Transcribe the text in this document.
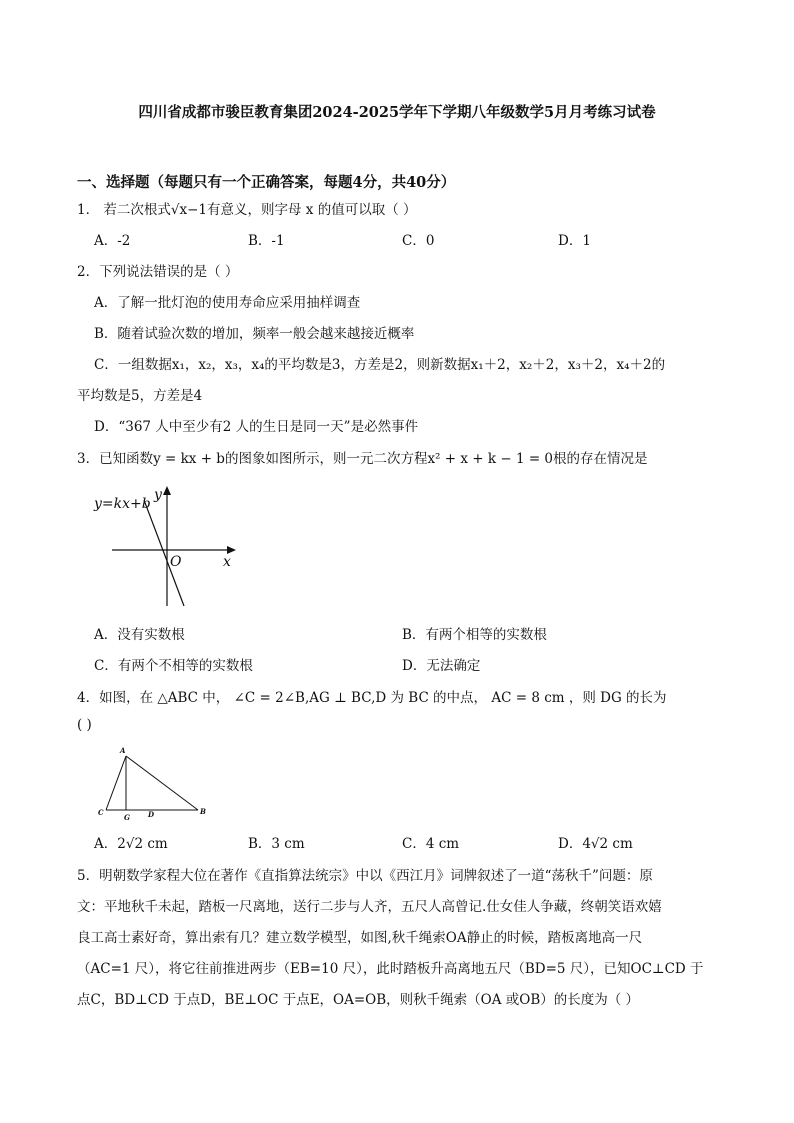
四川省成都市骏臣教育集团2024-2025学年下学期八年级数学5月月考练习试卷
一、选择题（每题只有一个正确答案，每题4分，共40分）
1． 若二次根式√x−1有意义，则字母 x 的值可以取（ ）
A．-2	B．-1	C．0	D．1
2．下列说法错误的是（ ）
A．了解一批灯泡的使用寿命应采用抽样调查
B．随着试验次数的增加，频率一般会越来越接近概率
C．一组数据x₁，x₂，x₃，x₄的平均数是3，方差是2，则新数据x₁＋2，x₂＋2，x₃＋2，x₄＋2的
平均数是5，方差是4
D．“367 人中至少有2 人的生日是同一天”是必然事件
3．已知函数y = kx + b的图象如图所示，则一元二次方程x² + x + k − 1 = 0根的存在情况是
y=kx+b
y
x
O
A．没有实数根	B．有两个相等的实数根
C．有两个不相等的实数根	D．无法确定
4．如图，在 △ABC 中， ∠C = 2∠B,AG ⊥ BC,D 为 BC 的中点， AC = 8 cm ，则 DG 的长为
( )
A
C
G	D	B
A．2√2 cm	B．3 cm	C．4 cm	D．4√2 cm
5．明朝数学家程大位在著作《直指算法统宗》中以《西江月》词牌叙述了一道“荡秋千”问题：原
文：平地秋千未起，踏板一尺离地，送行二步与人齐，五尺人高曾记.仕女佳人争藏，终朝笑语欢嬉
良工高士素好奇，算出索有几？建立数学模型，如图,秋千绳索OA静止的时候，踏板离地高一尺
（AC=1 尺），将它往前推进两步（EB=10 尺），此时踏板升高离地五尺（BD=5 尺），已知OC⊥CD 于
点C，BD⊥CD 于点D，BE⊥OC 于点E，OA=OB，则秋千绳索（OA 或OB）的长度为（ ）
